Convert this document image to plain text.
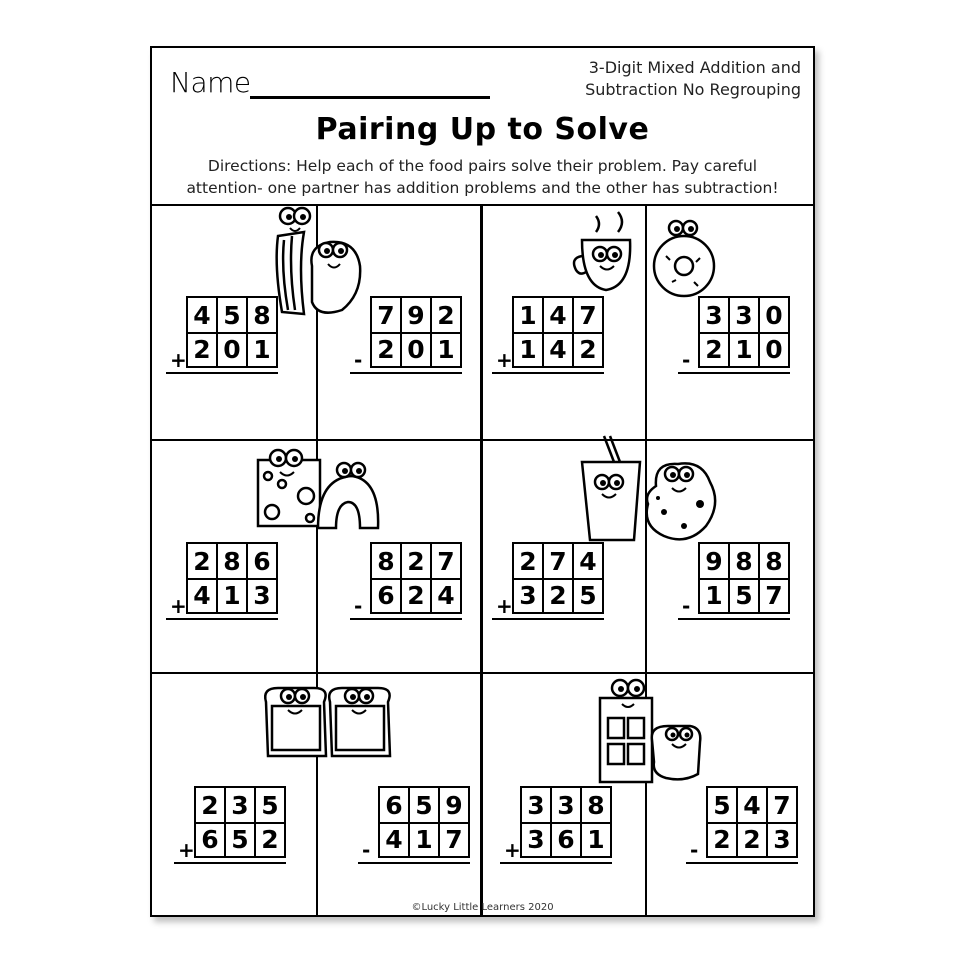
Name	3-Digit Mixed Addition and
Subtraction No Regrouping
Pairing Up to Solve
Directions: Help each of the food pairs solve their problem. Pay careful
attention- one partner has addition problems and the other has subtraction!
4 5 8
+ 2 0 1
7 9 2
- 2 0 1
1 4 7
+ 1 4 2
3 3 0
- 2 1 0
2 8 6
+ 4 1 3
8 2 7
- 6 2 4
2 7 4
+ 3 2 5
9 8 8
- 1 5 7
2 3 5
+ 6 5 2
6 5 9
- 4 1 7
3 3 8
+ 3 6 1
5 4 7
- 2 2 3
©Lucky Little Learners 2020
